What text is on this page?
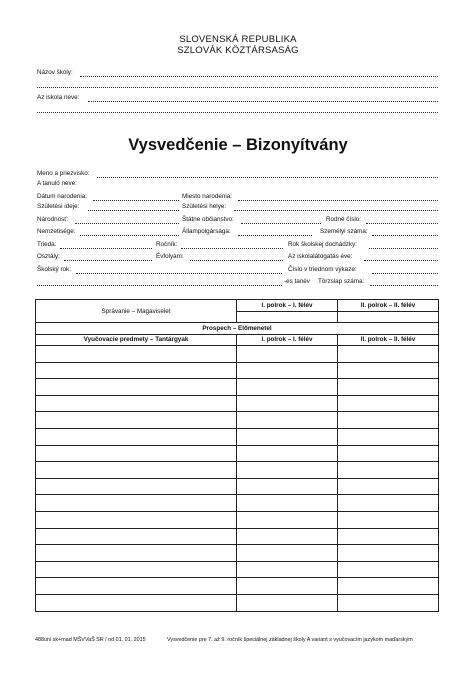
SLOVENSKÁ REPUBLIKA
SZLOVÁK KÖZTÁRSASÁG
Názov školy:
Az iskola neve:
Vysvedčenie – Bizonyítvány
Meno a priezvisko:
A tanuló neve:
Dátum narodenia:	Miesto narodenia:
Születési ideje:	Születési helye:
Národnosť:	Štátne občianstvo:	Rodné číslo:
Nemzetisége:	Állampolgársága:	Személyi száma:
Trieda:	Ročník:	Rok školskej dochádzky:
Osztály:	Évfolyam:	Az iskolalátogatás éve:
Školský rok:	Číslo v triednom výkaze:
-es tanév Törzslap száma:
Správanie – Magaviselet	I. polrok – I. félév	II. polrok – II. félév

Prospech – Előmenetel		
Vyučovacie predmety – Tantárgyak	I. polrok – I. félév	II. polrok – II. félév

488uni sk+mad MŠVVaŠ SR / od 01. 01. 2015	Vysvedčenie pre 7. až 9. ročník špeciálnej základnej školy A variant s vyučovacím jazykom maďarským
